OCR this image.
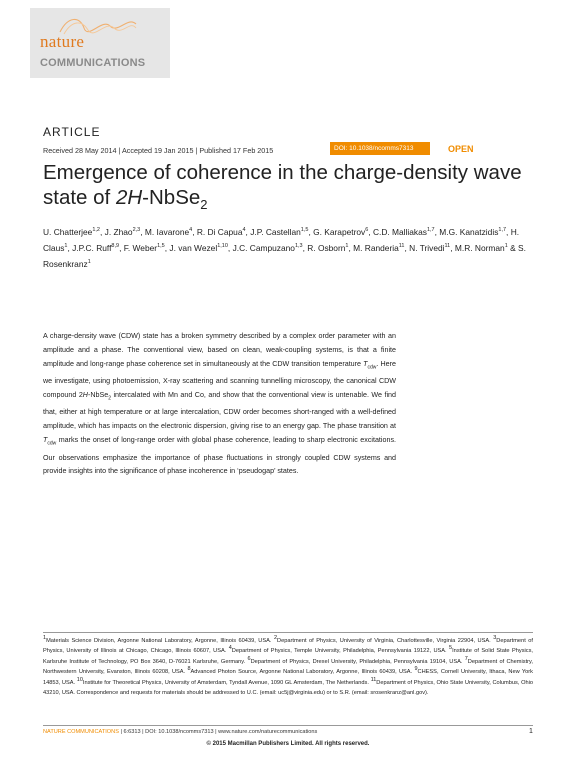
nature
COMMUNICATIONS
ARTICLE
Received 28 May 2014 | Accepted 19 Jan 2015 | Published 17 Feb 2015	DOI: 10.1038/ncomms7313	OPEN
Emergence of coherence in the charge-density wave state of 2H-NbSe$_2$
U. Chatterjee$^{1,2}$, J. Zhao$^{2,3}$, M. Iavarone$^4$, R. Di Capua$^4$, J.P. Castellan$^{1,5}$, G. Karapetrov$^6$, C.D. Malliakas$^{1,7}$, M.G. Kanatzidis$^{1,7}$, H. Claus$^1$, J.P.C. Ruff$^{8,9}$, F. Weber$^{1,5}$, J. van Wezel$^{1,10}$, J.C. Campuzano$^{1,3}$, R. Osborn$^1$, M. Randeria$^{11}$, N. Trivedi$^{11}$, M.R. Norman$^1$ & S. Rosenkranz$^1$
A charge-density wave (CDW) state has a broken symmetry described by a complex order parameter with an amplitude and a phase. The conventional view, based on clean, weak-coupling systems, is that a finite amplitude and long-range phase coherence set in simultaneously at the CDW transition temperature $T_{cdw}$. Here we investigate, using photoemission, X-ray scattering and scanning tunnelling microscopy, the canonical CDW compound 2H-NbSe$_2$ intercalated with Mn and Co, and show that the conventional view is untenable. We find that, either at high temperature or at large intercalation, CDW order becomes short-ranged with a well-defined amplitude, which has impacts on the electronic dispersion, giving rise to an energy gap. The phase transition at $T_{cdw}$ marks the onset of long-range order with global phase coherence, leading to sharp electronic excitations. Our observations emphasize the importance of phase fluctuations in strongly coupled CDW systems and provide insights into the significance of phase incoherence in ‘pseudogap’ states.
$^1$Materials Science Division, Argonne National Laboratory, Argonne, Illinois 60439, USA. $^2$Department of Physics, University of Virginia, Charlottesville, Virginia 22904, USA. $^3$Department of Physics, University of Illinois at Chicago, Chicago, Illinois 60607, USA. $^4$Department of Physics, Temple University, Philadelphia, Pennsylvania 19122, USA. $^5$Institute of Solid State Physics, Karlsruhe Institute of Technology, PO Box 3640, D-76021 Karlsruhe, Germany. $^6$Department of Physics, Drexel University, Philadelphia, Pennsylvania 19104, USA. $^7$Department of Chemistry, Northwestern University, Evanston, Illinois 60208, USA. $^8$Advanced Photon Source, Argonne National Laboratory, Argonne, Illinois 60439, USA. $^9$CHESS, Cornell University, Ithaca, New York 14853, USA. $^{10}$Institute for Theoretical Physics, University of Amsterdam, Tyndall Avenue, 1090 GL Amsterdam, The Netherlands. $^{11}$Department of Physics, Ohio State University, Columbus, Ohio 43210, USA. Correspondence and requests for materials should be addressed to U.C. (email: uc5j@virginia.edu) or to S.R. (email: srosenkranz@anl.gov).
NATURE COMMUNICATIONS | 6:6313 | DOI: 10.1038/ncomms7313 | www.nature.com/naturecommunications	1
© 2015 Macmillan Publishers Limited. All rights reserved.
